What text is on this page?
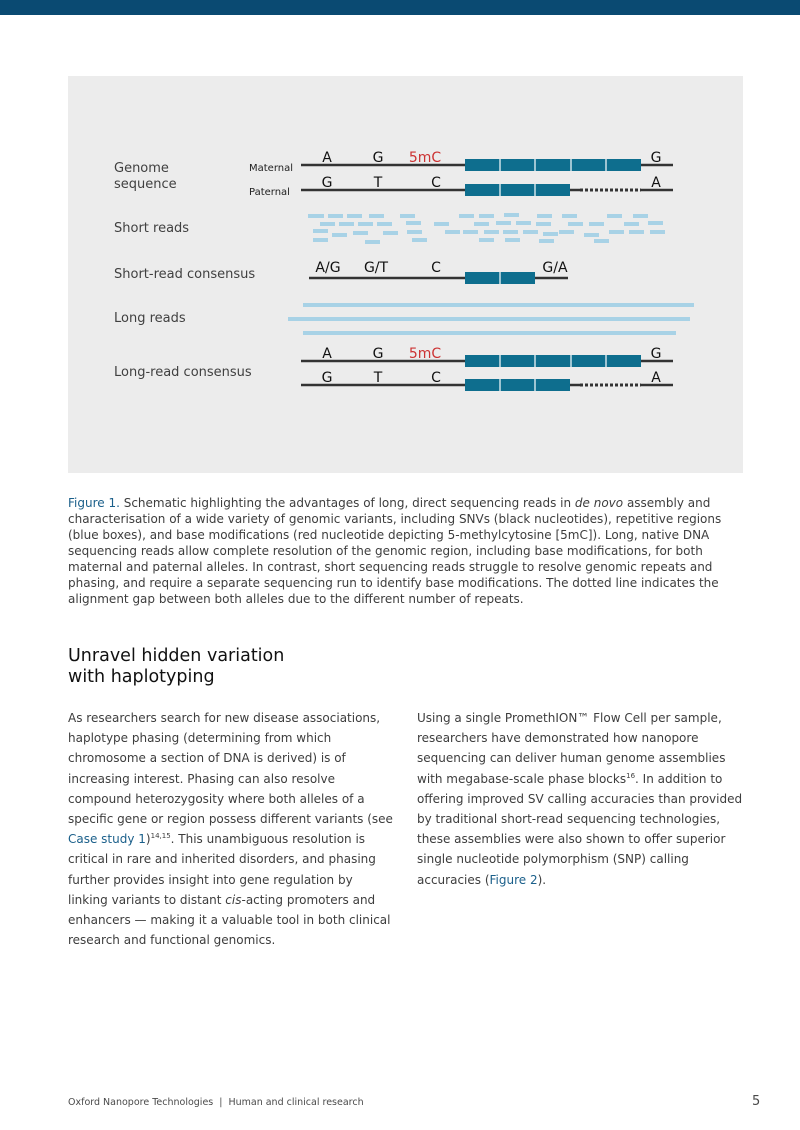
Maternal
Paternal
A	G 5mC	G
G	T	C	A
A/G G/T	C	G/A
A	G 5mC	G
G	T	C	A
Genome
sequence
Short reads
Short-read consensus
Long reads
Long-read consensus

Figure 1. Schematic highlighting the advantages of long, direct sequencing reads in de novo assembly and characterisation of a wide variety of genomic variants, including SNVs (black nucleotides), repetitive regions (blue boxes), and base modifications (red nucleotide depicting 5-methylcytosine [5mC]). Long, native DNA sequencing reads allow complete resolution of the genomic region, including base modifications, for both maternal and paternal alleles. In contrast, short sequencing reads struggle to resolve genomic repeats and phasing, and require a separate sequencing run to identify base modifications. The dotted line indicates the alignment gap between both alleles due to the different number of repeats.

Unravel hidden variation
with haplotyping

As researchers search for new disease associations, haplotype phasing (determining from which chromosome a section of DNA is derived) is of increasing interest. Phasing can also resolve compound heterozygosity where both alleles of a specific gene or region possess different variants (see Case study 1)$^{14,15}$. This unambiguous resolution is critical in rare and inherited disorders, and phasing further provides insight into gene regulation by linking variants to distant cis-acting promoters and enhancers — making it a valuable tool in both clinical research and functional genomics.

Using a single PromethION™ Flow Cell per sample, researchers have demonstrated how nanopore sequencing can deliver human genome assemblies with megabase-scale phase blocks$^{16}$. In addition to offering improved SV calling accuracies than provided by traditional short-read sequencing technologies, these assemblies were also shown to offer superior single nucleotide polymorphism (SNP) calling accuracies (Figure 2).

Oxford Nanopore Technologies | Human and clinical research	5
